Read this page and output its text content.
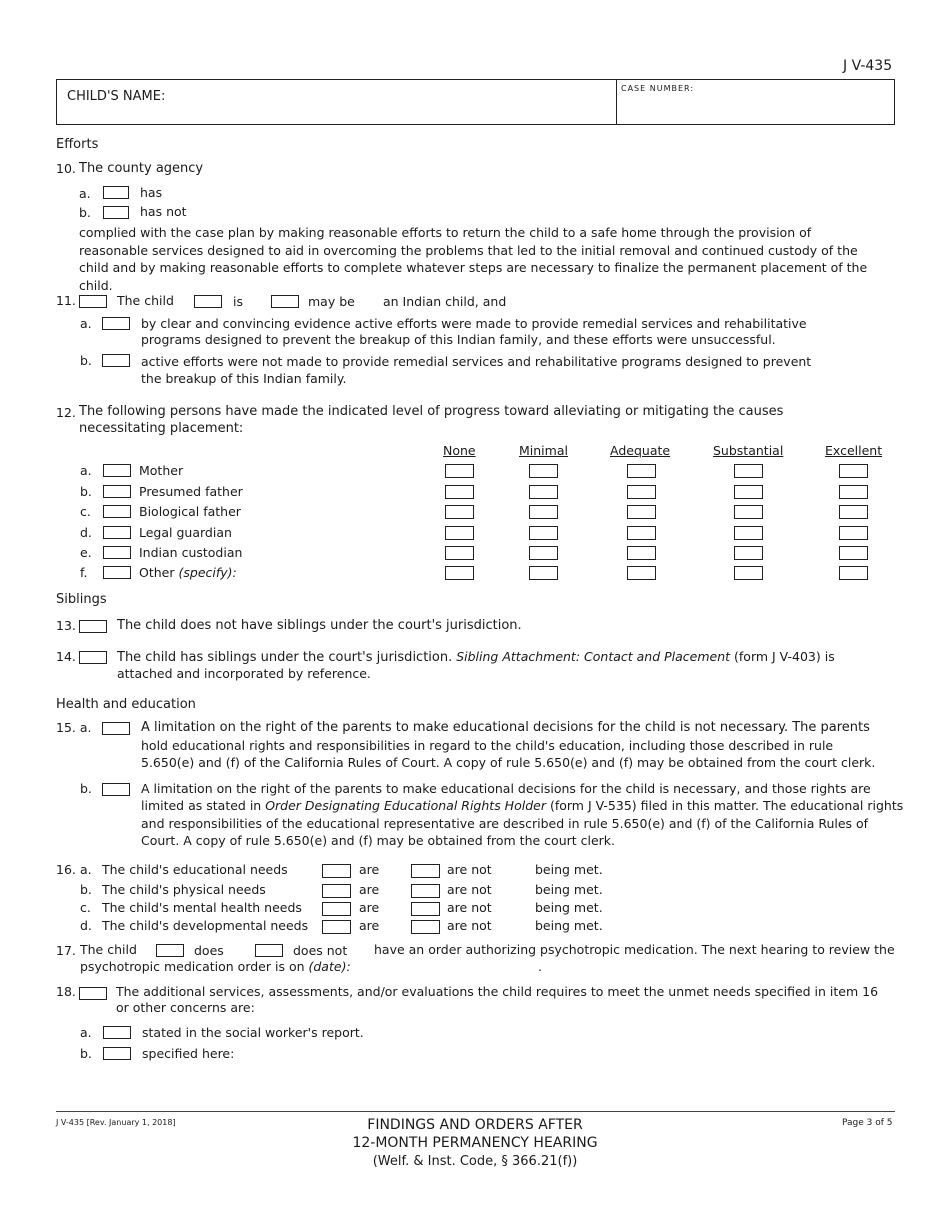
J V-435
CHILD'S NAME:
CASE NUMBER:
Efforts
10. The county agency
a.	has
b.	has not
complied with the case plan by making reasonable efforts to return the child to a safe home through the provision of reasonable services designed to aid in overcoming the problems that led to the initial removal and continued custody of the child and by making reasonable efforts to complete whatever steps are necessary to finalize the permanent placement of the child.
11.	The child	is	may be an Indian child, and
a.	by clear and convincing evidence active efforts were made to provide remedial services and rehabilitative programs designed to prevent the breakup of this Indian family, and these efforts were unsuccessful.
b.	active efforts were not made to provide remedial services and rehabilitative programs designed to prevent the breakup of this Indian family.
12. The following persons have made the indicated level of progress toward alleviating or mitigating the causes necessitating placement:
None	Minimal	Adequate	Substantial	Excellent
a.	Mother
b.	Presumed father
c.	Biological father
d.	Legal guardian
e.	Indian custodian
f.	Other (specify):
Siblings
13.	The child does not have siblings under the court's jurisdiction.
14.	The child has siblings under the court's jurisdiction. Sibling Attachment: Contact and Placement (form J V-403) is
attached and incorporated by reference.
Health and education
15. a.	A limitation on the right of the parents to make educational decisions for the child is not necessary. The parents
hold educational rights and responsibilities in regard to the child's education, including those described in rule 5.650(e) and (f) of the California Rules of Court. A copy of rule 5.650(e) and (f) may be obtained from the court clerk.
b.	A limitation on the right of the parents to make educational decisions for the child is necessary, and those rights are
limited as stated in Order Designating Educational Rights Holder (form J V-535) filed in this matter. The educational rights
and responsibilities of the educational representative are described in rule 5.650(e) and (f) of the California Rules of Court. A copy of rule 5.650(e) and (f) may be obtained from the court clerk.
16. a. The child's educational needs	are	are not	being met.
b. The child's physical needs	are	are not	being met.
c. The child's mental health needs	are	are not	being met.
d. The child's developmental needs	are	are not	being met.
17. The child	does	does not have an order authorizing psychotropic medication. The next hearing to review the
psychotropic medication order is on (date):	.
18.	The additional services, assessments, and/or evaluations the child requires to meet the unmet needs specified in item 16 or other concerns are:
a.	stated in the social worker's report.
b.	specified here:
J V-435 [Rev. January 1, 2018]	FINDINGS AND ORDERS AFTER
12-MONTH PERMANENCY HEARING
(Welf. & Inst. Code, § 366.21(f))
Page 3 of 5
